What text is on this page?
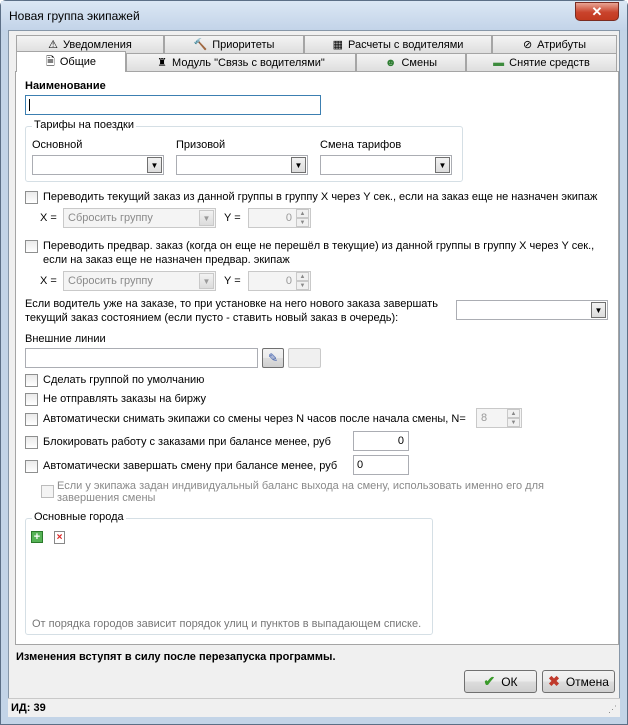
Новая группа экипажей	✕
⚠ Уведомления	🔨 Приоритеты	▦ Расчеты с водителями	⊘ Атрибуты
🗎 Общие	♜ Модуль "Связь с водителями"	☻ Смены	▬ Снятие средств
Наименование
Тарифы на поездки
Основной	Призовой	Смена тарифов
▼	▼	▼
Переводить текущий заказ из данной группы в группу X через Y сек., если на заказ еще не назначен экипаж
X = Сбросить группу	▼	Y =	0	▲
▼
Переводить предвар. заказ (когда он еще не перешёл в текущие) из данной группы в группу X через Y сек.,
если на заказ еще не назначен предвар. экипаж
X = Сбросить группу	▼	Y =	0	▲
▼
Если водитель уже на заказе, то при установке на него нового заказа завершать
текущий заказ состоянием (если пусто - ставить новый заказ в очередь):
▼
Внешние линии
✎
Сделать группой по умолчанию
Не отправлять заказы на биржу
Автоматически снимать экипажи со смены через N часов после начала смены, N=	8	▲
▼
Блокировать работу с заказами при балансе менее, руб	0
Автоматически завершать смену при балансе менее, руб	0
Если у экипажа задан индивидуальный баланс выхода на смену, использовать именно его для
завершения смены
Основные города
+ ×
От порядка городов зависит порядок улиц и пунктов в выпадающем списке.
Изменения вступят в силу после перезапуска программы.
✔ ОК ✖ Отмена
ИД: 39	⋰
